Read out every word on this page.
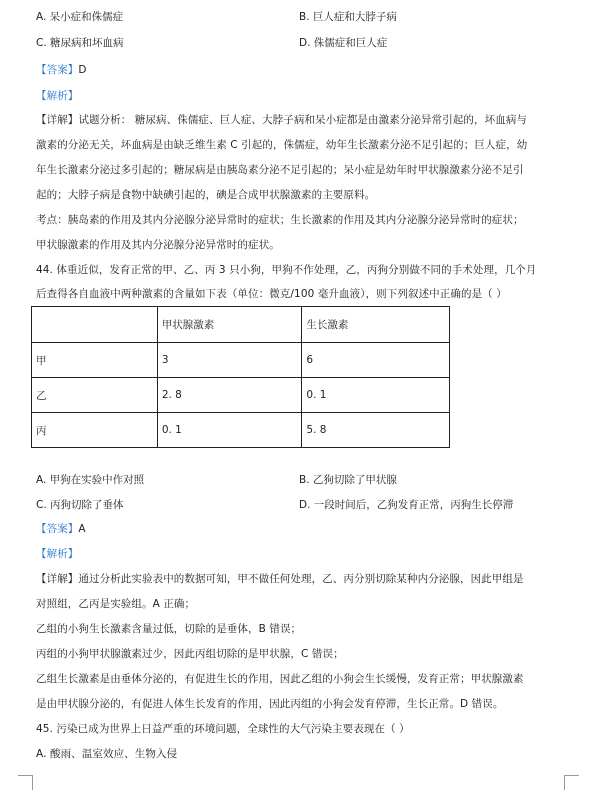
A. 呆小症和侏儒症	B. 巨人症和大脖子病
C. 糖尿病和坏血病	D. 侏儒症和巨人症
【答案】D
【解析】
【详解】试题分析： 糖尿病、侏儒症、巨人症、大脖子病和呆小症都是由激素分泌异常引起的，坏血病与
激素的分泌无关，坏血病是由缺乏维生素 C 引起的，侏儒症，幼年生长激素分泌不足引起的；巨人症，幼
年生长激素分泌过多引起的；糖尿病是由胰岛素分泌不足引起的；呆小症是幼年时甲状腺激素分泌不足引
起的；大脖子病是食物中缺碘引起的，碘是合成甲状腺激素的主要原料。
考点：胰岛素的作用及其内分泌腺分泌异常时的症状；生长激素的作用及其内分泌腺分泌异常时的症状；
甲状腺激素的作用及其内分泌腺分泌异常时的症状。
44. 体重近似，发育正常的甲、乙、丙 3 只小狗，甲狗不作处理，乙，丙狗分别做不同的手术处理，几个月
后查得各自血液中两种激素的含量如下表（单位：微克/100 毫升血液），则下列叙述中正确的是（ ）
	甲状腺激素	生长激素
甲	3	6
乙	2. 8	0. 1
丙	0. 1	5. 8
A. 甲狗在实验中作对照	B. 乙狗切除了甲状腺
C. 丙狗切除了垂体	D. 一段时间后，乙狗发育正常，丙狗生长停滞
【答案】A
【解析】
【详解】通过分析此实验表中的数据可知，甲不做任何处理，乙、丙分别切除某种内分泌腺，因此甲组是
对照组，乙丙是实验组。A 正确；
乙组的小狗生长激素含量过低，切除的是垂体，B 错误；
丙组的小狗甲状腺激素过少，因此丙组切除的是甲状腺，C 错误；
乙组生长激素是由垂体分泌的，有促进生长的作用，因此乙组的小狗会生长缓慢，发育正常；甲状腺激素
是由甲状腺分泌的，有促进人体生长发育的作用，因此丙组的小狗会发育停滞，生长正常。D 错误。
45. 污染已成为世界上日益严重的环境问题，全球性的大气污染主要表现在（ ）
A. 酸雨、温室效应、生物入侵
